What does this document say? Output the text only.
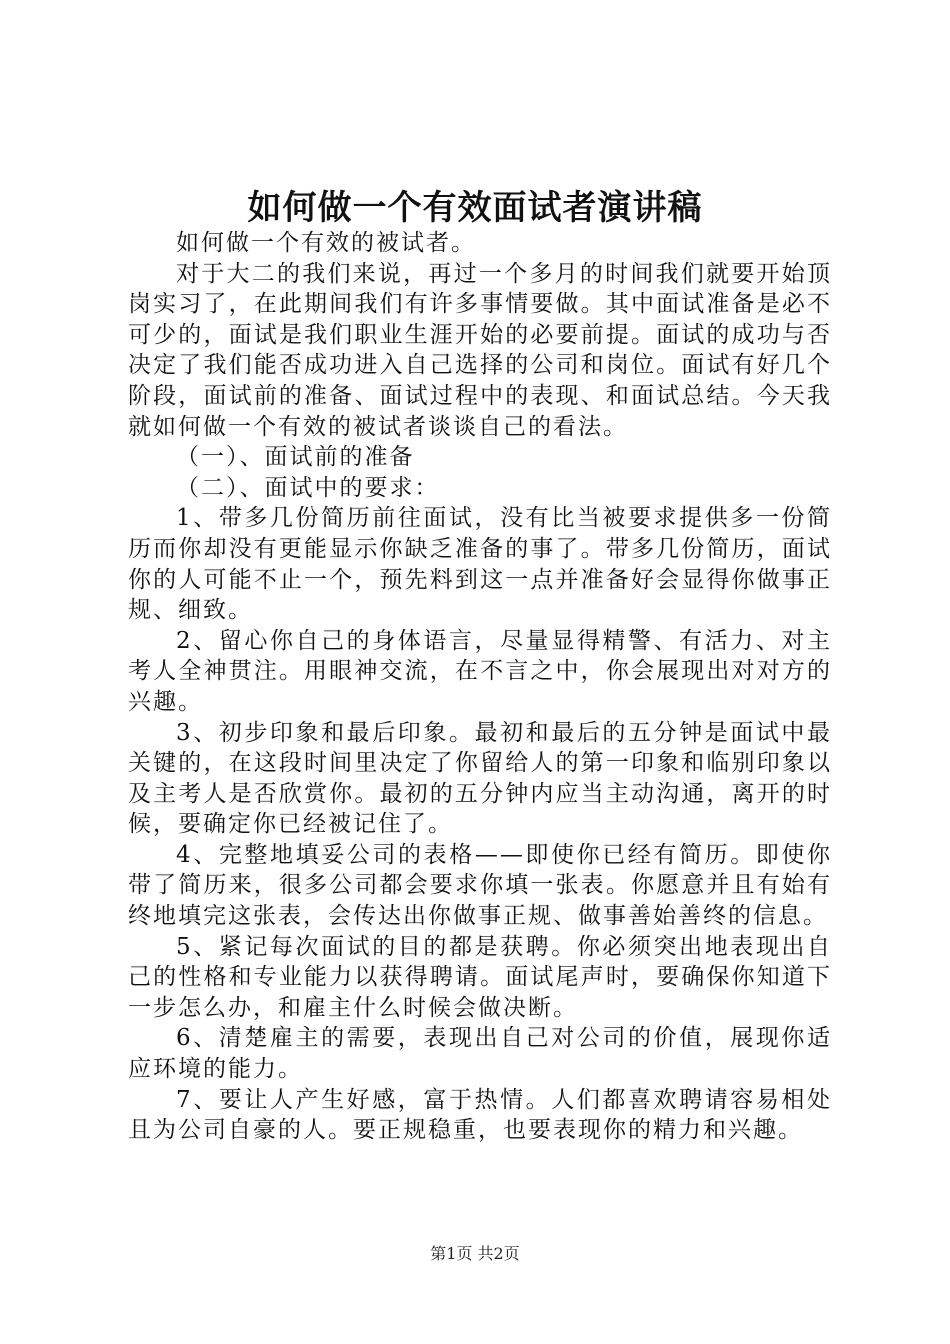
如何做一个有效面试者演讲稿

如何做一个有效的被试者。

对于大二的我们来说，再过一个多月的时间我们就要开始顶岗实习了，在此期间我们有许多事情要做。其中面试准备是必不可少的，面试是我们职业生涯开始的必要前提。面试的成功与否决定了我们能否成功进入自己选择的公司和岗位。面试有好几个阶段，面试前的准备、面试过程中的表现、和面试总结。今天我就如何做一个有效的被试者谈谈自己的看法。

（一）、面试前的准备

（二）、面试中的要求：

1、带多几份简历前往面试，没有比当被要求提供多一份简历而你却没有更能显示你缺乏准备的事了。带多几份简历，面试你的人可能不止一个，预先料到这一点并准备好会显得你做事正规、细致。

2、留心你自己的身体语言，尽量显得精警、有活力、对主考人全神贯注。用眼神交流，在不言之中，你会展现出对对方的兴趣。

3、初步印象和最后印象。最初和最后的五分钟是面试中最关键的，在这段时间里决定了你留给人的第一印象和临别印象以及主考人是否欣赏你。最初的五分钟内应当主动沟通，离开的时候，要确定你已经被记住了。

4、完整地填妥公司的表格——即使你已经有简历。即使你带了简历来，很多公司都会要求你填一张表。你愿意并且有始有终地填完这张表，会传达出你做事正规、做事善始善终的信息。

5、紧记每次面试的目的都是获聘。你必须突出地表现出自己的性格和专业能力以获得聘请。面试尾声时，要确保你知道下一步怎么办，和雇主什么时候会做决断。

6、清楚雇主的需要，表现出自己对公司的价值，展现你适应环境的能力。

7、要让人产生好感，富于热情。人们都喜欢聘请容易相处且为公司自豪的人。要正规稳重，也要表现你的精力和兴趣。

第1页 共2页
